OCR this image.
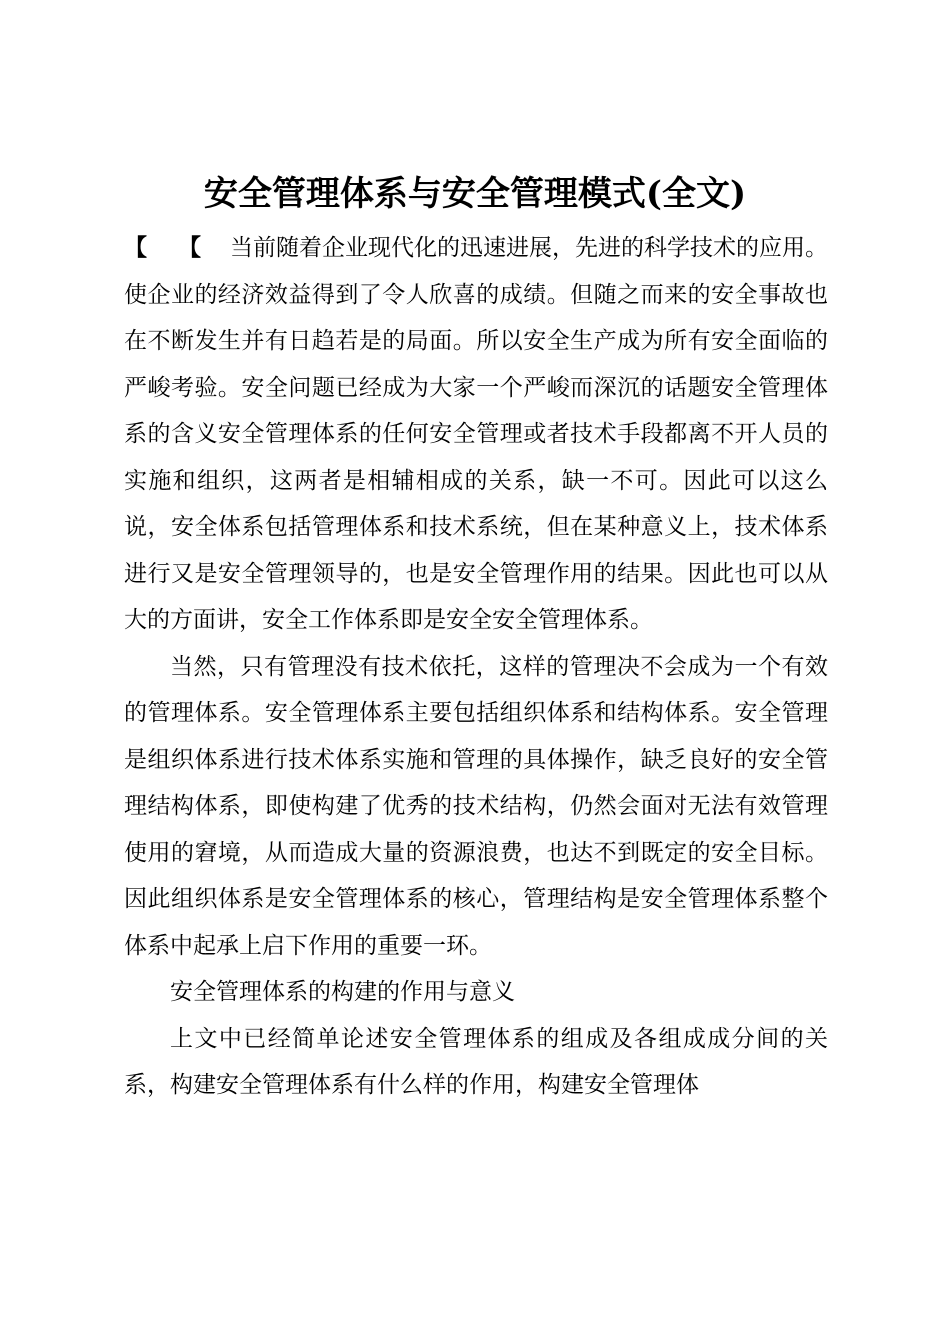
安全管理体系与安全管理模式(全文)

【 【 当前随着企业现代化的迅速进展，先进的科学技术的应用。使企业的经济效益得到了令人欣喜的成绩。但随之而来的安全事故也在不断发生并有日趋若是的局面。所以安全生产成为所有安全面临的严峻考验。安全问题已经成为大家一个严峻而深沉的话题安全管理体系的含义安全管理体系的任何安全管理或者技术手段都离不开人员的实施和组织，这两者是相辅相成的关系，缺一不可。因此可以这么说，安全体系包括管理体系和技术系统，但在某种意义上，技术体系进行又是安全管理领导的，也是安全管理作用的结果。因此也可以从大的方面讲，安全工作体系即是安全安全管理体系。

当然，只有管理没有技术依托，这样的管理决不会成为一个有效的管理体系。安全管理体系主要包括组织体系和结构体系。安全管理是组织体系进行技术体系实施和管理的具体操作，缺乏良好的安全管理结构体系，即使构建了优秀的技术结构，仍然会面对无法有效管理使用的窘境，从而造成大量的资源浪费，也达不到既定的安全目标。因此组织体系是安全管理体系的核心，管理结构是安全管理体系整个体系中起承上启下作用的重要一环。

安全管理体系的构建的作用与意义

上文中已经简单论述安全管理体系的组成及各组成成分间的关系，构建安全管理体系有什么样的作用，构建安全管理体
